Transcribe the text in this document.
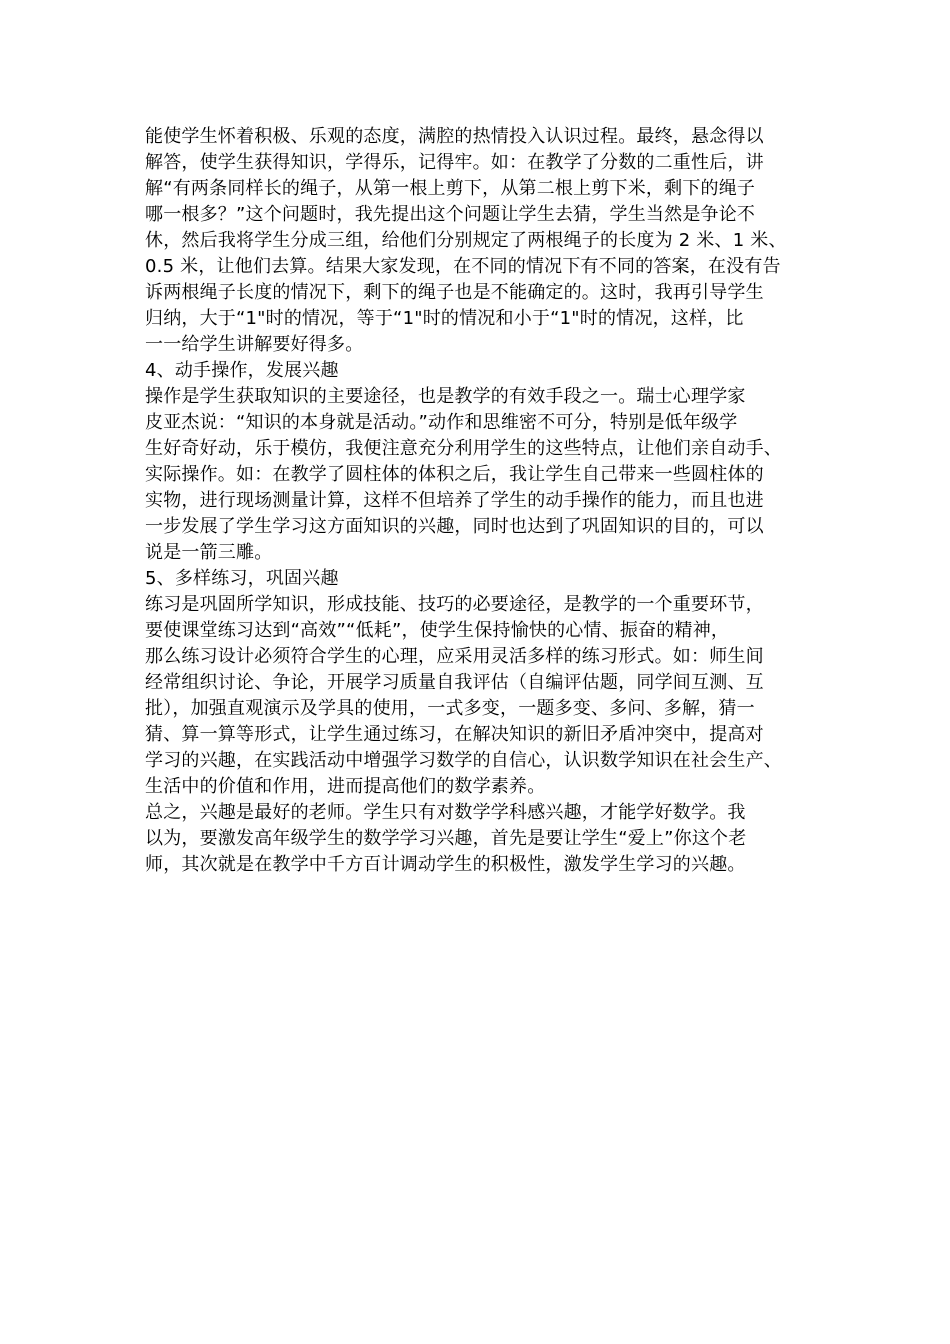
能使学生怀着积极、乐观的态度，满腔的热情投入认识过程。最终，悬念得以
解答，使学生获得知识，学得乐，记得牢。如：在教学了分数的二重性后，讲
解“有两条同样长的绳子，从第一根上剪下，从第二根上剪下米，剩下的绳子
哪一根多？”这个问题时，我先提出这个问题让学生去猜，学生当然是争论不
休，然后我将学生分成三组，给他们分别规定了两根绳子的长度为 2 米、1 米、
0.5 米，让他们去算。结果大家发现，在不同的情况下有不同的答案，在没有告
诉两根绳子长度的情况下，剩下的绳子也是不能确定的。这时，我再引导学生
归纳，大于“1"时的情况，等于“1"时的情况和小于“1"时的情况，这样，比
一一给学生讲解要好得多。
4、动手操作，发展兴趣
操作是学生获取知识的主要途径，也是教学的有效手段之一。瑞士心理学家
皮亚杰说：“知识的本身就是活动。”动作和思维密不可分，特别是低年级学
生好奇好动，乐于模仿，我便注意充分利用学生的这些特点，让他们亲自动手、
实际操作。如：在教学了圆柱体的体积之后，我让学生自己带来一些圆柱体的
实物，进行现场测量计算，这样不但培养了学生的动手操作的能力，而且也进
一步发展了学生学习这方面知识的兴趣，同时也达到了巩固知识的目的，可以
说是一箭三雕。
5、多样练习，巩固兴趣
练习是巩固所学知识，形成技能、技巧的必要途径，是教学的一个重要环节，
要使课堂练习达到“高效”“低耗”，使学生保持愉快的心情、振奋的精神，
那么练习设计必须符合学生的心理，应采用灵活多样的练习形式。如：师生间
经常组织讨论、争论，开展学习质量自我评估（自编评估题，同学间互测、互
批），加强直观演示及学具的使用，一式多变，一题多变、多问、多解，猜一
猜、算一算等形式，让学生通过练习，在解决知识的新旧矛盾冲突中，提高对
学习的兴趣，在实践活动中增强学习数学的自信心，认识数学知识在社会生产、
生活中的价值和作用，进而提高他们的数学素养。
总之，兴趣是最好的老师。学生只有对数学学科感兴趣，才能学好数学。我
以为，要激发高年级学生的数学学习兴趣，首先是要让学生“爱上”你这个老
师，其次就是在教学中千方百计调动学生的积极性，激发学生学习的兴趣。
